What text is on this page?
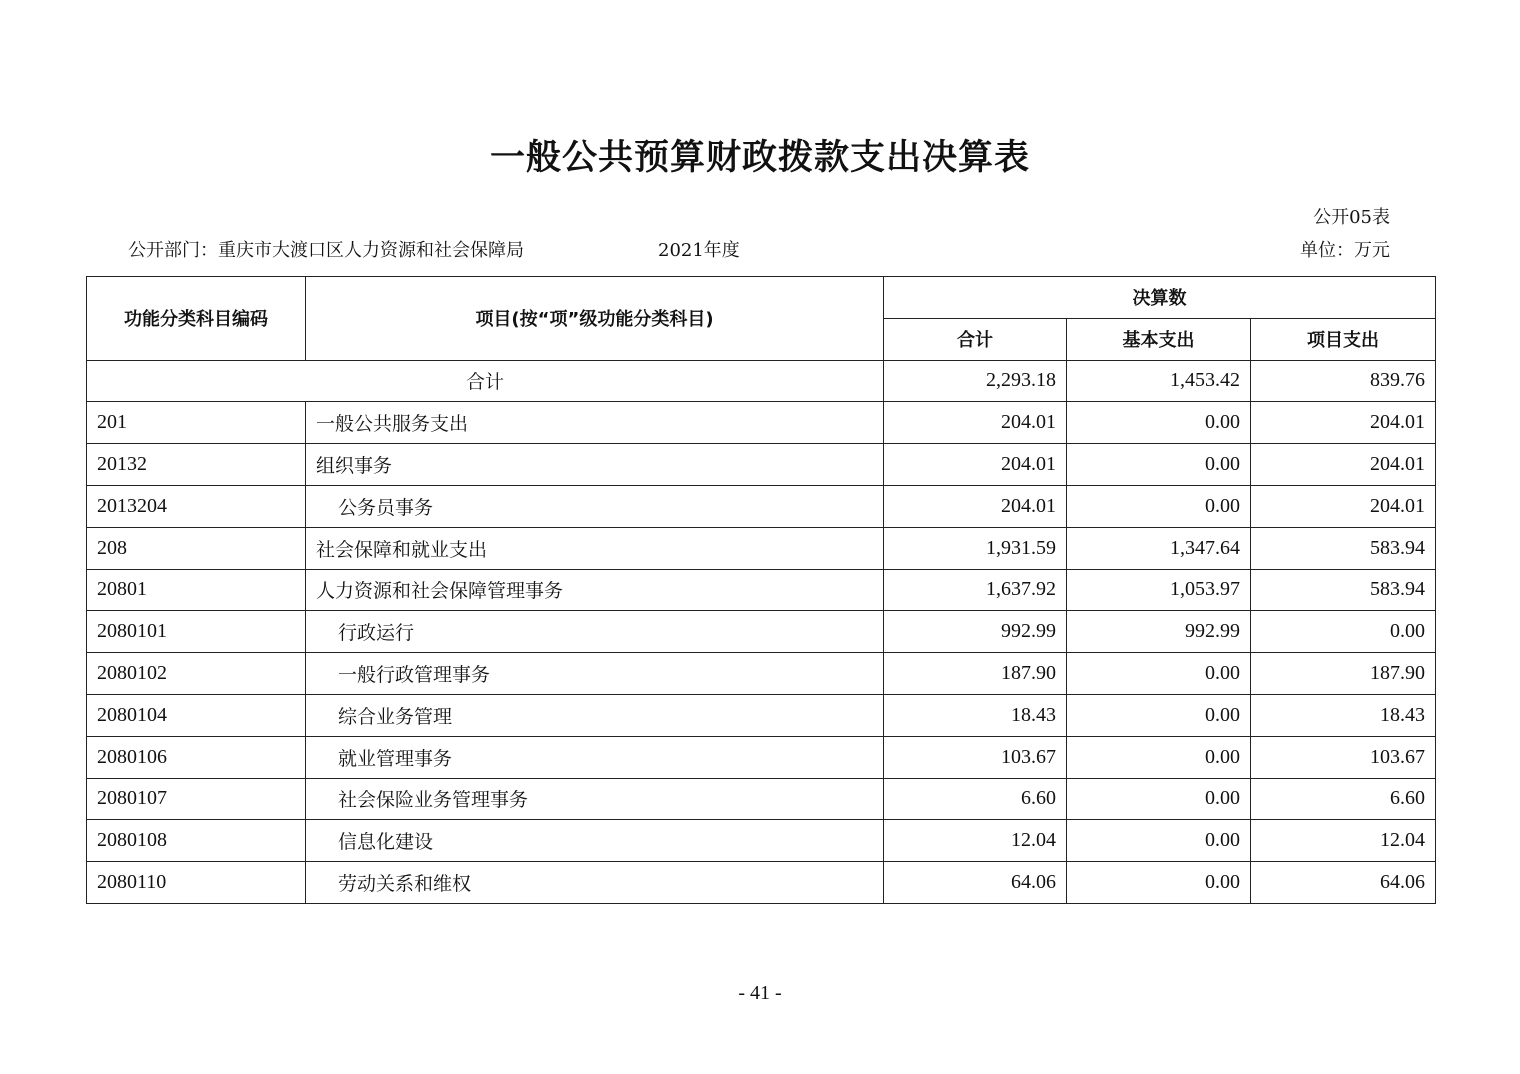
一般公共预算财政拨款支出决算表
公开05表
公开部门：重庆市大渡口区人力资源和社会保障局	2021年度	单位：万元
功能分类科目编码	项目(按“项”级功能分类科目)	决算数		
		合计	基本支出	项目支出
合计		2,293.18	1,453.42	839.76
201	一般公共服务支出	204.01	0.00	204.01
20132	组织事务	204.01	0.00	204.01
2013204	公务员事务	204.01	0.00	204.01
208	社会保障和就业支出	1,931.59	1,347.64	583.94
20801	人力资源和社会保障管理事务	1,637.92	1,053.97	583.94
2080101	行政运行	992.99	992.99	0.00
2080102	一般行政管理事务	187.90	0.00	187.90
2080104	综合业务管理	18.43	0.00	18.43
2080106	就业管理事务	103.67	0.00	103.67
2080107	社会保险业务管理事务	6.60	0.00	6.60
2080108	信息化建设	12.04	0.00	12.04
2080110	劳动关系和维权	64.06	0.00	64.06
- 41 -
